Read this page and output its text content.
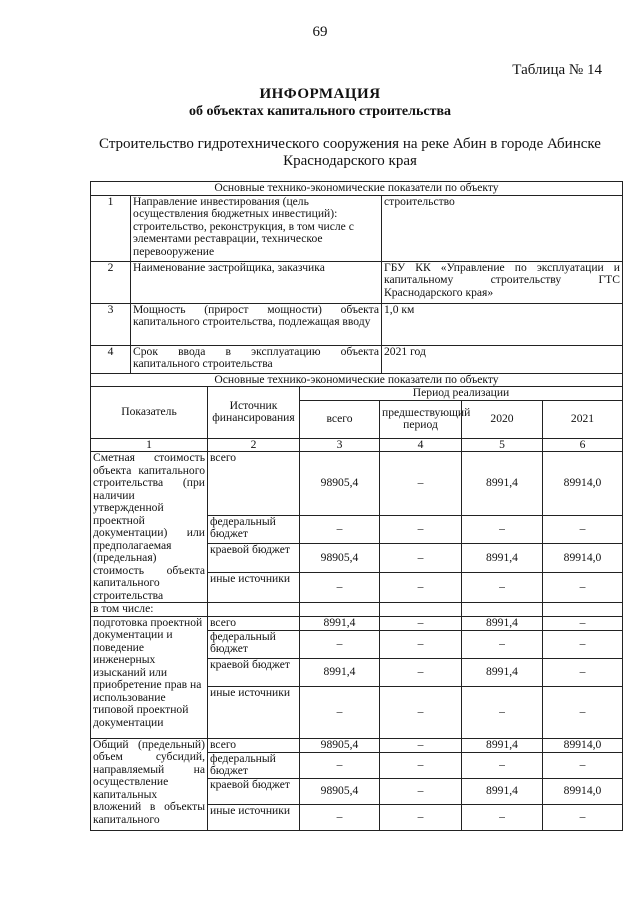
69
Таблица № 14
ИНФОРМАЦИЯ
об объектах капитального строительства
Строительство гидротехнического сооружения на реке Абин в городе Абинске Краснодарского края
Основные технико-экономические показатели по объекту		
1	Направление инвестирования (цель осуществления бюджетных инвестиций): строительство, реконструкция, в том числе с элементами реставрации, техническое перевооружение	строительство
2	Наименование застройщика, заказчика	ГБУ КК «Управление по эксплуатации и капитальному строительству ГТС Краснодарского края»
3	Мощность (прирост мощности) объекта капитального строительства, подлежащая вводу	1,0 км
4	Срок ввода в эксплуатацию объекта капитального строительства	2021 год
Основные технико-экономические показатели по объекту					
Показатель	Источник финансирования	Период реализации			
		всего	предшествующий период	2020	2021
1	2	3	4	5	6
Сметная стоимость объекта капитального строительства (при наличии утвержденной проектной документации) или предполагаемая (предельная) стоимость объекта капитального строительства	всего	98905,4	–	8991,4	89914,0
	федеральный бюджет	–	–	–	–
	краевой бюджет	98905,4	–	8991,4	89914,0
	иные источники	–	–	–	–
в том числе:					
подготовка проектной документации и поведение инженерных изысканий или приобретение прав на использование типовой проектной документации	всего	8991,4	–	8991,4	–
	федеральный бюджет	–	–	–	–
	краевой бюджет	8991,4	–	8991,4	–
	иные источники	–	–	–	–
Общий (предельный) объем субсидий, направляемый на осуществление капитальных вложений в объекты капитального	всего	98905,4	–	8991,4	89914,0
	федеральный бюджет	–	–	–	–
	краевой бюджет	98905,4	–	8991,4	89914,0
	иные источники	–	–	–	–
